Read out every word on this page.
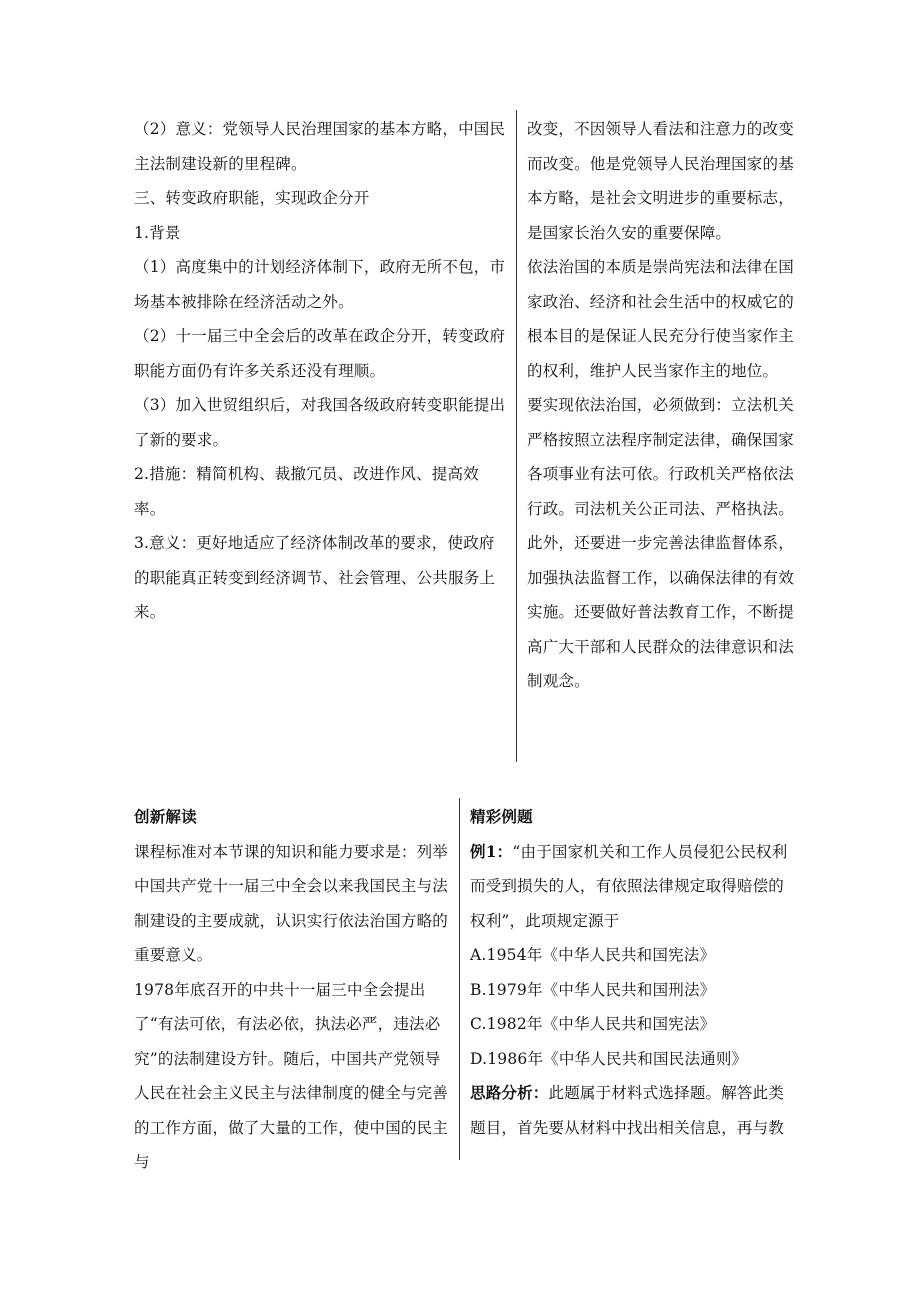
（2）意义：党领导人民治理国家的基本方略，中国民主法制建设新的里程碑。

三、转变政府职能，实现政企分开

1.背景

（1）高度集中的计划经济体制下，政府无所不包，市场基本被排除在经济活动之外。

（2）十一届三中全会后的改革在政企分开，转变政府职能方面仍有许多关系还没有理顺。

（3）加入世贸组织后，对我国各级政府转变职能提出了新的要求。

2.措施：精简机构、裁撤冗员、改进作风、提高效率。

3.意义：更好地适应了经济体制改革的要求，使政府的职能真正转变到经济调节、社会管理、公共服务上来。

改变，不因领导人看法和注意力的改变而改变。他是党领导人民治理国家的基本方略，是社会文明进步的重要标志，是国家长治久安的重要保障。

依法治国的本质是崇尚宪法和法律在国家政治、经济和社会生活中的权威它的根本目的是保证人民充分行使当家作主的权利，维护人民当家作主的地位。

要实现依法治国，必须做到：立法机关严格按照立法程序制定法律，确保国家各项事业有法可依。行政机关严格依法行政。司法机关公正司法、严格执法。此外，还要进一步完善法律监督体系，加强执法监督工作，以确保法律的有效实施。还要做好普法教育工作，不断提高广大干部和人民群众的法律意识和法制观念。

创新解读

课程标准对本节课的知识和能力要求是：列举中国共产党十一届三中全会以来我国民主与法制建设的主要成就，认识实行依法治国方略的重要意义。

1978年底召开的中共十一届三中全会提出了“有法可依，有法必依，执法必严，违法必究”的法制建设方针。随后，中国共产党领导人民在社会主义民主与法律制度的健全与完善的工作方面，做了大量的工作，使中国的民主与

精彩例题

例1：“由于国家机关和工作人员侵犯公民权利而受到损失的人，有依照法律规定取得赔偿的权利”，此项规定源于

A.1954年《中华人民共和国宪法》

B.1979年《中华人民共和国刑法》

C.1982年《中华人民共和国宪法》

D.1986年《中华人民共和国民法通则》

思路分析：此题属于材料式选择题。解答此类题目，首先要从材料中找出相关信息，再与教
